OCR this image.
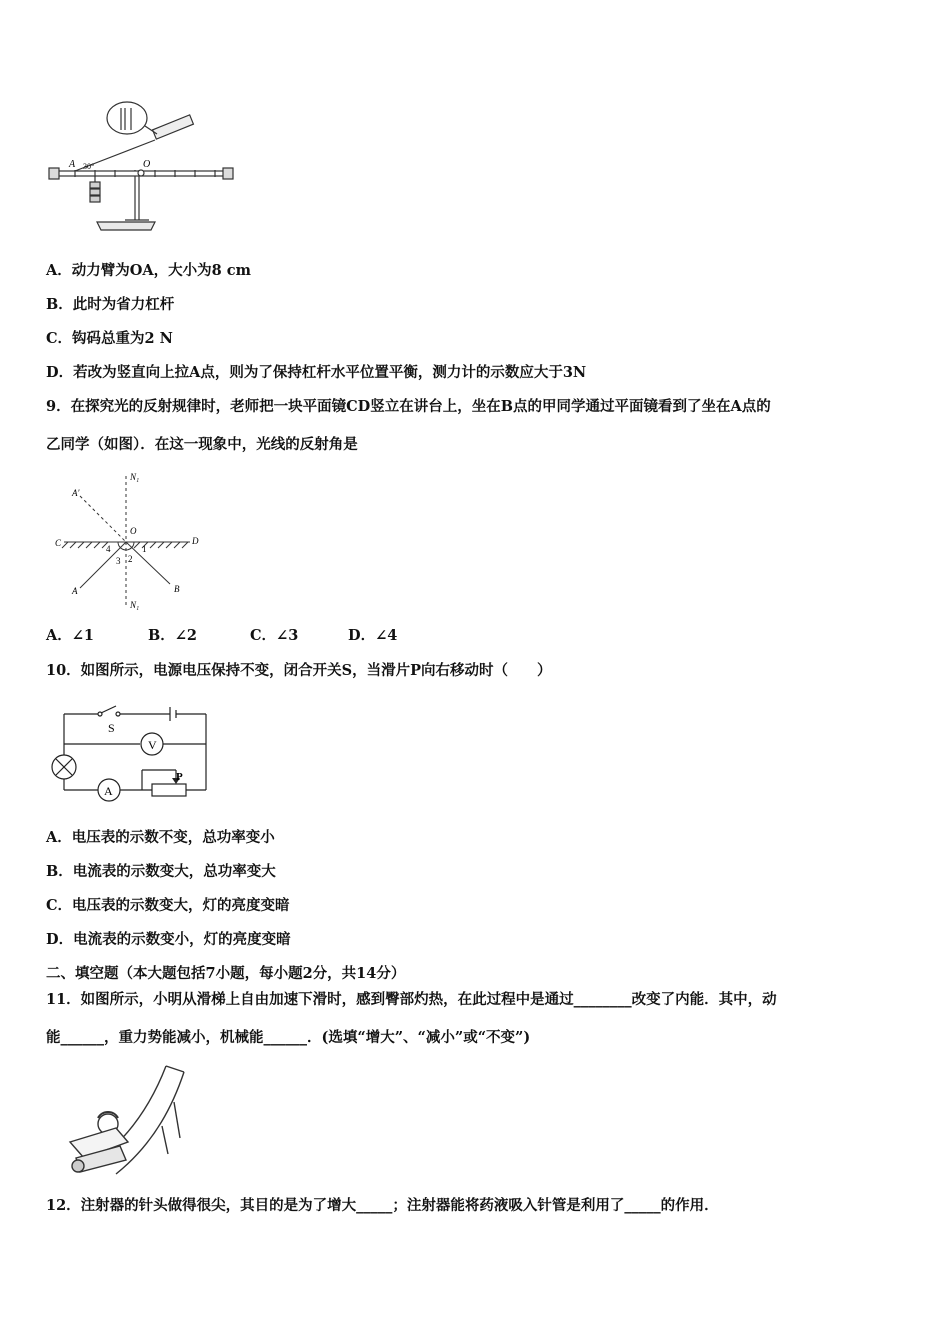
A 30°	O
A．动力臂为OA，大小为8 cm
B．此时为省力杠杆
C．钩码总重为2 N
D．若改为竖直向上拉A点，则为了保持杠杆水平位置平衡，测力计的示数应大于3N
9．在探究光的反射规律时，老师把一块平面镜CD竖立在讲台上，坐在B点的甲同学通过平面镜看到了坐在A点的
乙同学（如图）．在这一现象中，光线的反射角是
N₁
N₁
A′
C	D
O
A	B
1
2
3
4
A．∠1	B．∠2	C．∠3	D．∠4
10．如图所示，电源电压保持不变，闭合开关S，当滑片P向右移动时（　　）
S
V
A
P
A．电压表的示数不变，总功率变小
B．电流表的示数变大，总功率变大
C．电压表的示数变大，灯的亮度变暗
D．电流表的示数变小，灯的亮度变暗
二、填空题（本大题包括7小题，每小题2分，共14分）
11．如图所示，小明从滑梯上自由加速下滑时，感到臀部灼热，在此过程中是通过________改变了内能．其中，动
能______，重力势能减小，机械能______．(选填“增大”、“减小”或“不变”)
12．注射器的针头做得很尖，其目的是为了增大_____；注射器能将药液吸入针管是利用了_____的作用．
